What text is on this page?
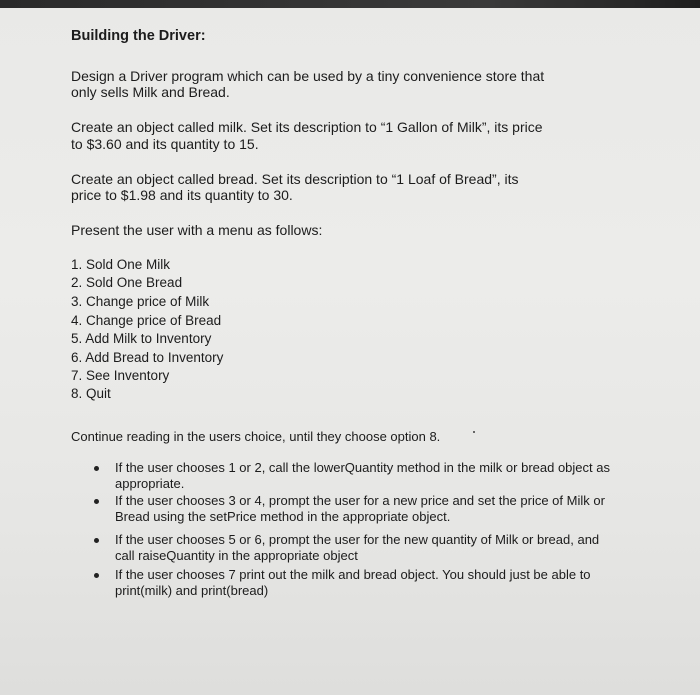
Building the Driver:

Design a Driver program which can be used by a tiny convenience store that

only sells Milk and Bread.

Create an object called milk. Set its description to “1 Gallon of Milk”, its price

to $3.60 and its quantity to 15.

Create an object called bread. Set its description to “1 Loaf of Bread”, its

price to $1.98 and its quantity to 30.

Present the user with a menu as follows:

1. Sold One Milk

2. Sold One Bread

3. Change price of Milk

4. Change price of Bread

5. Add Milk to Inventory

6. Add Bread to Inventory

7. See Inventory

8. Quit

Continue reading in the users choice, until they choose option 8.

If the user chooses 1 or 2, call the lowerQuantity method in the milk or bread object as

appropriate.

If the user chooses 3 or 4, prompt the user for a new price and set the price of Milk or

Bread using the setPrice method in the appropriate object.

If the user chooses 5 or 6, prompt the user for the new quantity of Milk or bread, and

call raiseQuantity in the appropriate object

If the user chooses 7 print out the milk and bread object. You should just be able to

print(milk) and print(bread)
